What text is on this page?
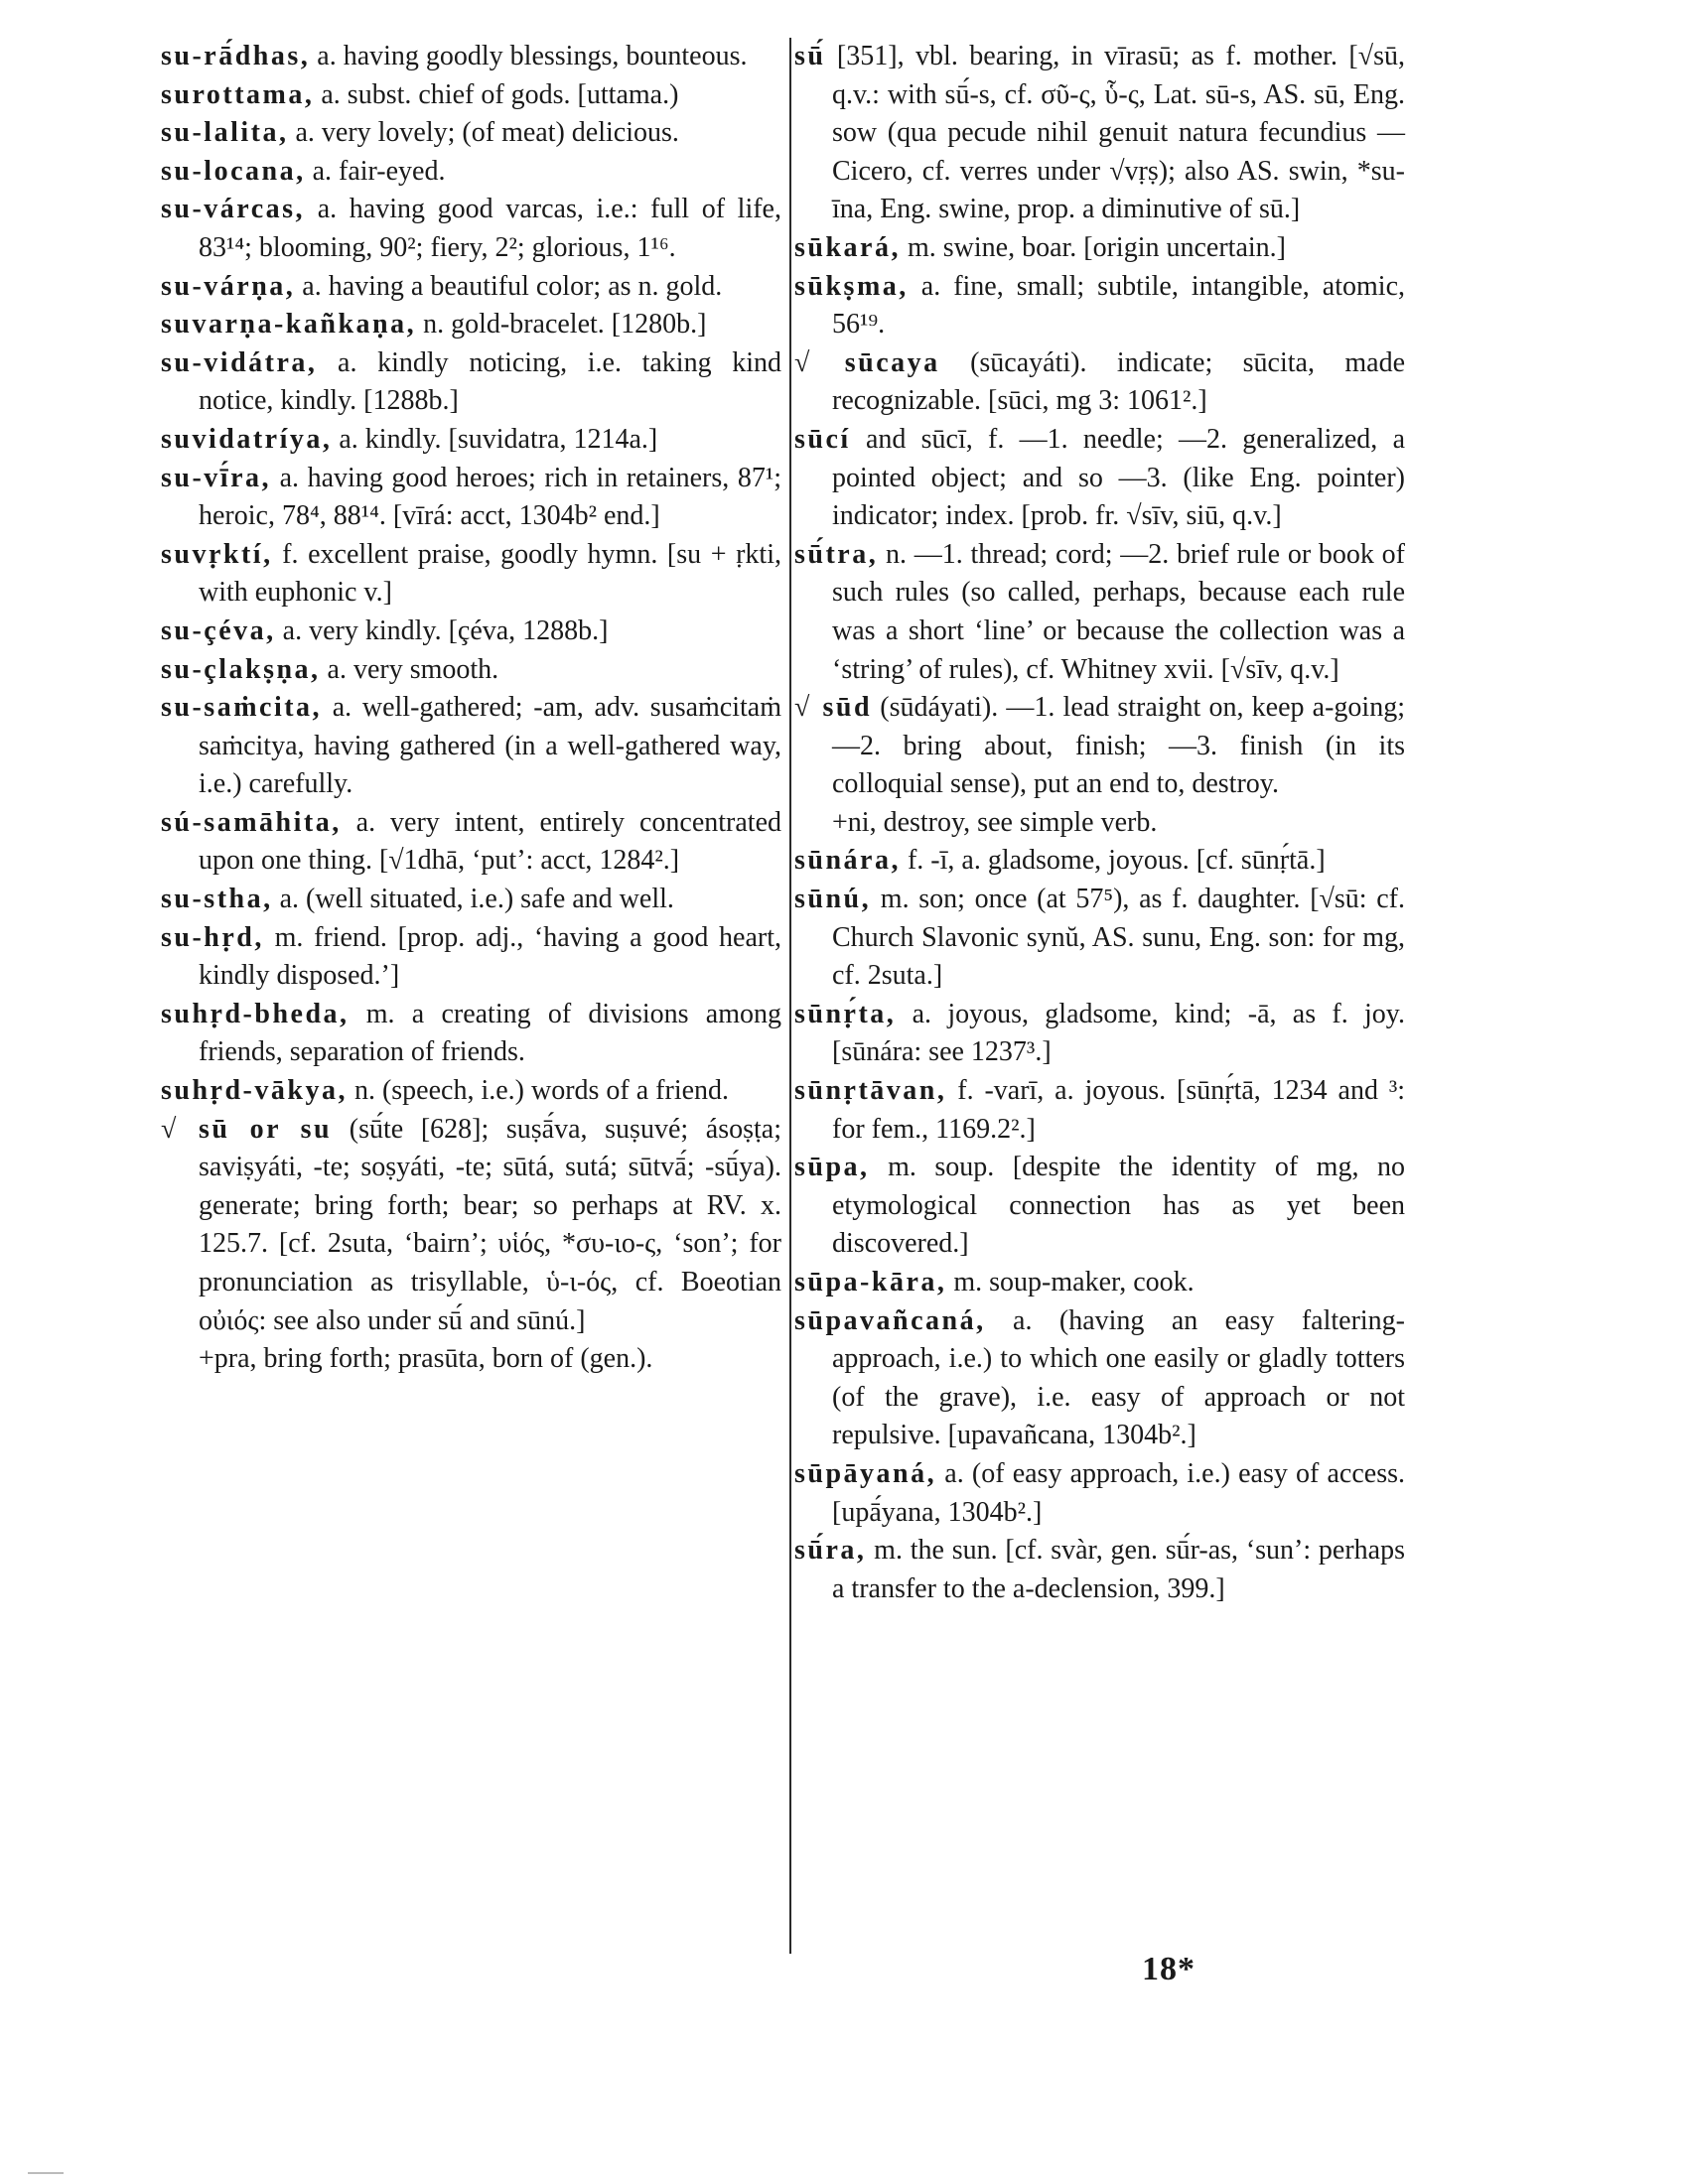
su-rā́dhas, a. having goodly blessings, bounteous.

surottama, a. subst. chief of gods. [uttama.)

su-lalita, a. very lovely; (of meat) delicious.

su-locana, a. fair-eyed.

su-várcas, a. having good varcas, i.e.: full of life, 83¹⁴; blooming, 90²; fiery, 2²; glorious, 1¹⁶.

su-várṇa, a. having a beautiful color; as n. gold.

suvarṇa-kañkaṇa, n. gold-bracelet. [1280b.]

su-vidátra, a. kindly noticing, i.e. taking kind notice, kindly. [1288b.]

suvidatríya, a. kindly. [suvidatra, 1214a.]

su-vī́ra, a. having good heroes; rich in retainers, 87¹; heroic, 78⁴, 88¹⁴. [vīrá: acct, 1304b² end.]

suvṛktí, f. excellent praise, goodly hymn. [su + ṛkti, with euphonic v.]

su-çéva, a. very kindly. [çéva, 1288b.]

su-çlakṣṇa, a. very smooth.

su-saṁcita, a. well-gathered; -am, adv. susaṁcitaṁ saṁcitya, having gathered (in a well-gathered way, i.e.) carefully.

sú-samāhita, a. very intent, entirely concentrated upon one thing. [√1dhā, ‘put’: acct, 1284².]

su-stha, a. (well situated, i.e.) safe and well.

su-hṛd, m. friend. [prop. adj., ‘having a good heart, kindly disposed.’]

suhṛd-bheda, m. a creating of divisions among friends, separation of friends.

suhṛd-vākya, n. (speech, i.e.) words of a friend.

√ sū or su (sū́te [628]; suṣā́va, suṣuvé; ásoṣṭa; saviṣyáti, -te; soṣyáti, -te; sūtá, sutá; sūtvā́; -sū́ya). generate; bring forth; bear; so perhaps at RV. x. 125.7. [cf. 2suta, ‘bairn’; υἱός, *συ-ιο-ς, ‘son’; for pronunciation as trisyllable, ὑ-ι-ός, cf. Boeotian οὐιός: see also under sū́ and sūnú.]

+pra, bring forth; prasūta, born of (gen.).

sū́ [351], vbl. bearing, in vīrasū; as f. mother. [√sū, q.v.: with sū́-s, cf. σῦ-ς, ὗ-ς, Lat. sū-s, AS. sū, Eng. sow (qua pecude nihil genuit natura fecundius — Cicero, cf. verres under √vṛṣ); also AS. swin, *su-īna, Eng. swine, prop. a diminutive of sū.]

sūkará, m. swine, boar. [origin uncertain.]

sūkṣma, a. fine, small; subtile, intangible, atomic, 56¹⁹.

√ sūcaya (sūcayáti). indicate; sūcita, made recognizable. [sūci, mg 3: 1061².]

sūcí and sūcī, f. —1. needle; —2. generalized, a pointed object; and so —3. (like Eng. pointer) indicator; index. [prob. fr. √sīv, siū, q.v.]

sū́tra, n. —1. thread; cord; —2. brief rule or book of such rules (so called, perhaps, because each rule was a short ‘line’ or because the collection was a ‘string’ of rules), cf. Whitney xvii. [√sīv, q.v.]

√ sūd (sūdáyati). —1. lead straight on, keep a-going; —2. bring about, finish; —3. finish (in its colloquial sense), put an end to, destroy.

+ni, destroy, see simple verb.

sūnára, f. -ī, a. gladsome, joyous. [cf. sūnṛ́tā.]

sūnú, m. son; once (at 57⁵), as f. daughter. [√sū: cf. Church Slavonic synŭ, AS. sunu, Eng. son: for mg, cf. 2suta.]

sūnṛ́ta, a. joyous, gladsome, kind; -ā, as f. joy. [sūnára: see 1237³.]

sūnṛtāvan, f. -varī, a. joyous. [sūnṛ́tā, 1234 and ³: for fem., 1169.2².]

sūpa, m. soup. [despite the identity of mg, no etymological connection has as yet been discovered.]

sūpa-kāra, m. soup-maker, cook.

sūpavañcaná, a. (having an easy faltering-approach, i.e.) to which one easily or gladly totters (of the grave), i.e. easy of approach or not repulsive. [upavañcana, 1304b².]

sūpāyaná, a. (of easy approach, i.e.) easy of access. [upā́yana, 1304b².]

sū́ra, m. the sun. [cf. svàr, gen. sū́r-as, ‘sun’: perhaps a transfer to the a-declension, 399.]

18*
